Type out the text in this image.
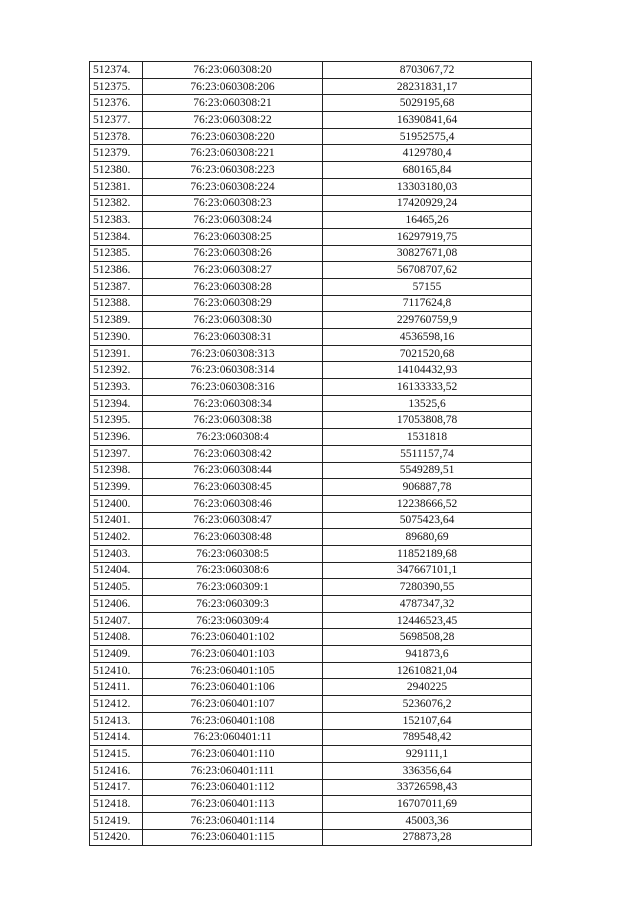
512374.	76:23:060308:20	8703067,72
512375.	76:23:060308:206	28231831,17
512376.	76:23:060308:21	5029195,68
512377.	76:23:060308:22	16390841,64
512378.	76:23:060308:220	51952575,4
512379.	76:23:060308:221	4129780,4
512380.	76:23:060308:223	680165,84
512381.	76:23:060308:224	13303180,03
512382.	76:23:060308:23	17420929,24
512383.	76:23:060308:24	16465,26
512384.	76:23:060308:25	16297919,75
512385.	76:23:060308:26	30827671,08
512386.	76:23:060308:27	56708707,62
512387.	76:23:060308:28	57155
512388.	76:23:060308:29	7117624,8
512389.	76:23:060308:30	229760759,9
512390.	76:23:060308:31	4536598,16
512391.	76:23:060308:313	7021520,68
512392.	76:23:060308:314	14104432,93
512393.	76:23:060308:316	16133333,52
512394.	76:23:060308:34	13525,6
512395.	76:23:060308:38	17053808,78
512396.	76:23:060308:4	1531818
512397.	76:23:060308:42	5511157,74
512398.	76:23:060308:44	5549289,51
512399.	76:23:060308:45	906887,78
512400.	76:23:060308:46	12238666,52
512401.	76:23:060308:47	5075423,64
512402.	76:23:060308:48	89680,69
512403.	76:23:060308:5	11852189,68
512404.	76:23:060308:6	347667101,1
512405.	76:23:060309:1	7280390,55
512406.	76:23:060309:3	4787347,32
512407.	76:23:060309:4	12446523,45
512408.	76:23:060401:102	5698508,28
512409.	76:23:060401:103	941873,6
512410.	76:23:060401:105	12610821,04
512411.	76:23:060401:106	2940225
512412.	76:23:060401:107	5236076,2
512413.	76:23:060401:108	152107,64
512414.	76:23:060401:11	789548,42
512415.	76:23:060401:110	929111,1
512416.	76:23:060401:111	336356,64
512417.	76:23:060401:112	33726598,43
512418.	76:23:060401:113	16707011,69
512419.	76:23:060401:114	45003,36
512420.	76:23:060401:115	278873,28
